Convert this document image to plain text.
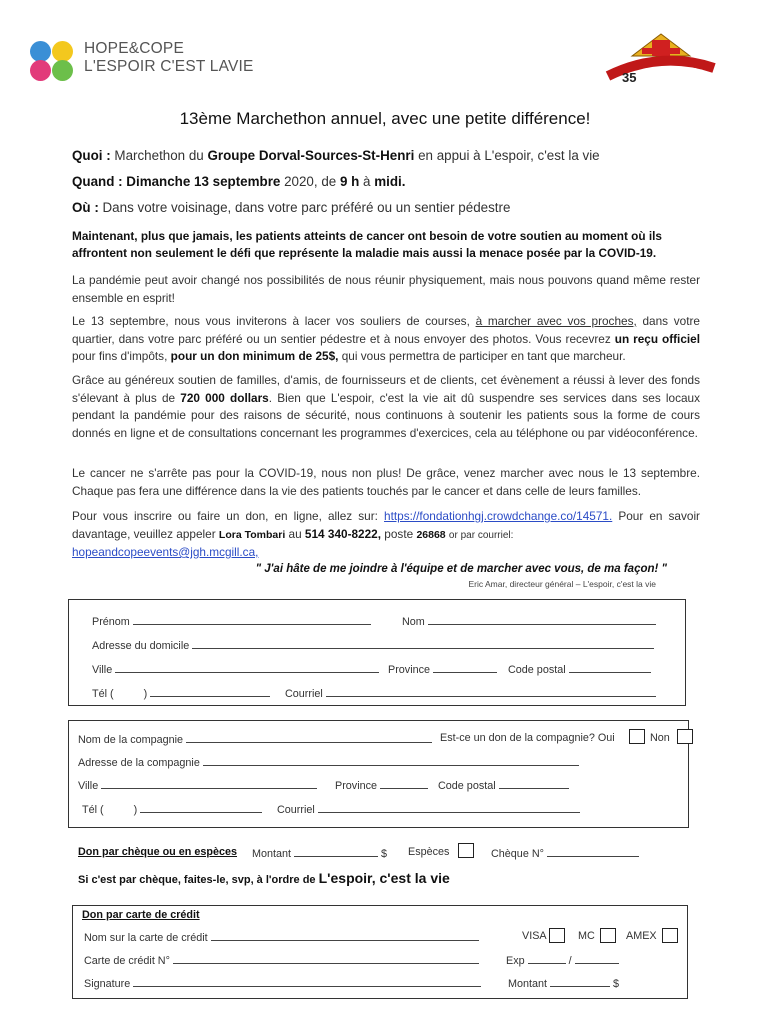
HOPE&COPE
L'ESPOIR C'EST LAVIE
35 35e anniversaire
13ème Marchethon annuel, avec une petite différence!
Quoi : Marchethon du Groupe Dorval-Sources-St-Henri en appui à L'espoir, c'est la vie
Quand : Dimanche 13 septembre 2020, de 9 h à midi.
Où : Dans votre voisinage, dans votre parc préféré ou un sentier pédestre
Maintenant, plus que jamais, les patients atteints de cancer ont besoin de votre soutien au moment où ils affrontent non seulement le défi que représente la maladie mais aussi la menace posée par la COVID-19.
La pandémie peut avoir changé nos possibilités de nous réunir physiquement, mais nous pouvons quand même rester ensemble en esprit!
Le 13 septembre, nous vous inviterons à lacer vos souliers de courses, à marcher avec vos proches, dans votre quartier, dans votre parc préféré ou un sentier pédestre et à nous envoyer des photos. Vous recevrez un reçu officiel pour fins d'impôts, pour un don minimum de 25$, qui vous permettra de participer en tant que marcheur.
Grâce au généreux soutien de familles, d'amis, de fournisseurs et de clients, cet évènement a réussi à lever des fonds s'élevant à plus de 720 000 dollars. Bien que L'espoir, c'est la vie ait dû suspendre ses services dans ses locaux pendant la pandémie pour des raisons de sécurité, nous continuons à soutenir les patients sous la forme de cours donnés en ligne et de consultations concernant les programmes d'exercices, cela au téléphone ou par vidéoconférence.
Le cancer ne s'arrête pas pour la COVID-19, nous non plus! De grâce, venez marcher avec nous le 13 septembre. Chaque pas fera une différence dans la vie des patients touchés par le cancer et dans celle de leurs familles.
Pour vous inscrire ou faire un don, en ligne, allez sur: https://fondationhgj.crowdchange.co/14571. Pour en savoir davantage, veuillez appeler Lora Tombari au 514 340-8222, poste 26868 or par courriel:
hopeandcopeevents@jgh.mcgill.ca,
" J'ai hâte de me joindre à l'équipe et de marcher avec vous, de ma façon! "
Eric Amar, directeur général – L'espoir, c'est la vie
Prénom	Nom
Adresse du domicile
Ville	Province	Code postal
Tél (	)	Courriel
Nom de la compagnie	Est-ce un don de la compagnie? Oui	Non
Adresse de la compagnie
Ville	Province	Code postal
Tél (	)	Courriel
Don par chèque ou en espèces Montant	$ Espèces	Chèque N°
Si c'est par chèque, faites-le, svp, à l'ordre de L'espoir, c'est la vie
Don par carte de crédit
Nom sur la carte de crédit	VISA	MC	AMEX
Carte de crédit N°	Exp	/
Signature	Montant	$
